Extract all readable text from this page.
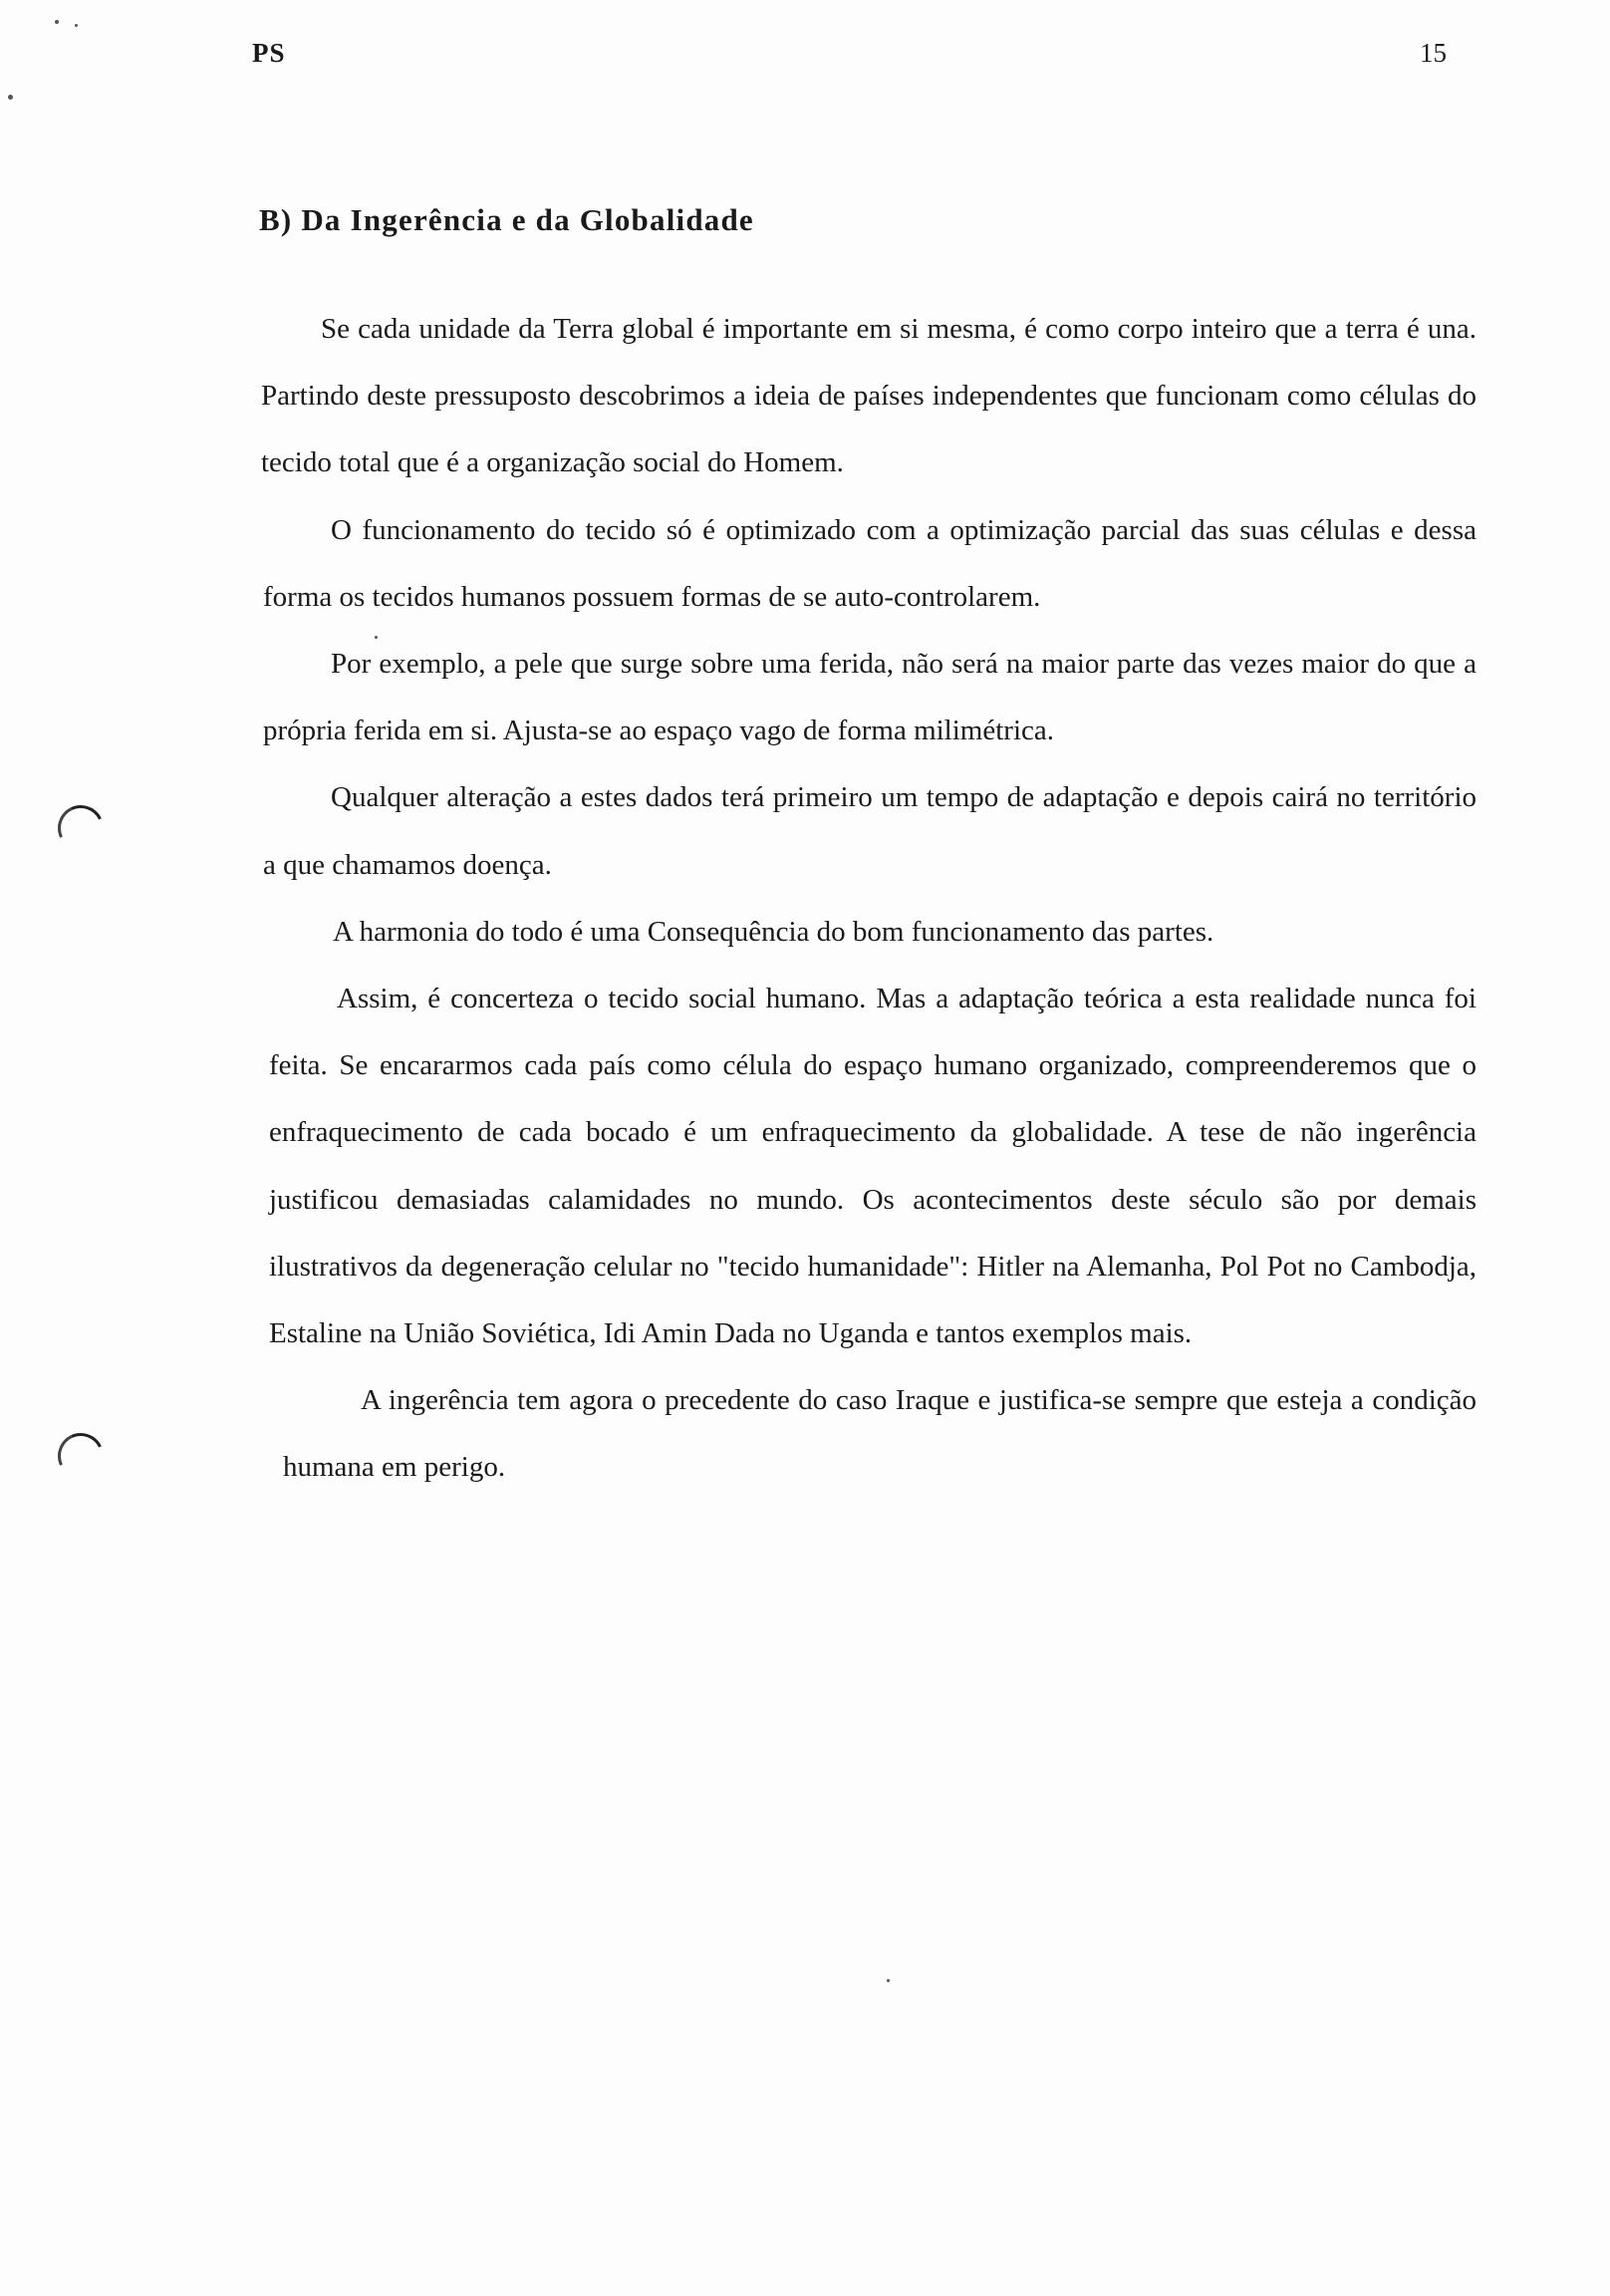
PS	15
B) Da Ingerência e da Globalidade

Se cada unidade da Terra global é importante em si mesma, é como corpo inteiro que a terra é una. Partindo deste pressuposto descobrimos a ideia de países independentes que funcionam como células do tecido total que é a organização social do Homem.

O funcionamento do tecido só é optimizado com a optimização parcial das suas células e dessa forma os tecidos humanos possuem formas de se auto-controlarem.

Por exemplo, a pele que surge sobre uma ferida, não será na maior parte das vezes maior do que a própria ferida em si. Ajusta-se ao espaço vago de forma milimétrica.

Qualquer alteração a estes dados terá primeiro um tempo de adaptação e depois cairá no território a que chamamos doença.

A harmonia do todo é uma Consequência do bom funcionamento das partes.

Assim, é concerteza o tecido social humano. Mas a adaptação teórica a esta realidade nunca foi feita. Se encararmos cada país como célula do espaço humano organizado, compreenderemos que o enfraquecimento de cada bocado é um enfraquecimento da globalidade. A tese de não ingerência justificou demasiadas calamidades no mundo. Os acontecimentos deste século são por demais ilustrativos da degeneração celular no "tecido humanidade": Hitler na Alemanha, Pol Pot no Cambodja, Estaline na União Soviética, Idi Amin Dada no Uganda e tantos exemplos mais.

A ingerência tem agora o precedente do caso Iraque e justifica-se sempre que esteja a condição humana em perigo.
